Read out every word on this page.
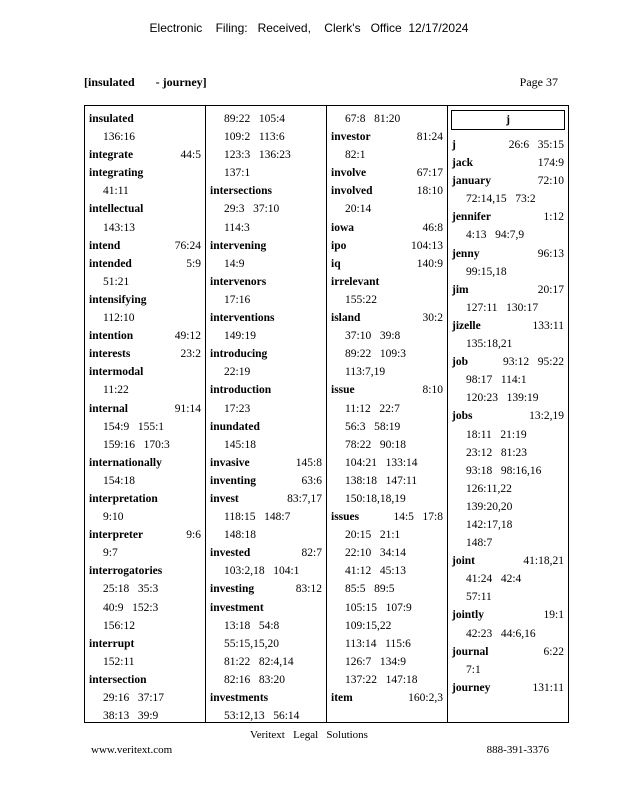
Electronic    Filing:   Received,    Clerk's   Office  12/17/2024
[insulated       - journey]	Page 37
insulated
136:16
integrate	44:5
integrating
41:11
intellectual
143:13
intend	76:24
intended	5:9
51:21
intensifying
112:10
intention	49:12
interests	23:2
intermodal
11:22
internal	91:14
154:9   155:1
159:16   170:3
internationally
154:18
interpretation
9:10
interpreter	9:6
9:7
interrogatories
25:18   35:3
40:9   152:3
156:12
interrupt
152:11
intersection
29:16   37:17
38:13   39:9
89:22   105:4
109:2   113:6
123:3   136:23
137:1
intersections
29:3   37:10
114:3
intervening
14:9
intervenors
17:16
interventions
149:19
introducing
22:19
introduction
17:23
inundated
145:18
invasive	145:8
inventing	63:6
invest	83:7,17
118:15   148:7
148:18
invested	82:7
103:2,18   104:1
investing	83:12
investment
13:18   54:8
55:15,15,20
81:22   82:4,14
82:16   83:20
investments
53:12,13   56:14
67:8   81:20
investor	81:24
82:1
involve	67:17
involved	18:10
20:14
iowa	46:8
ipo	104:13
iq	140:9
irrelevant
155:22
island	30:2
37:10   39:8
89:22   109:3
113:7,19
issue	8:10
11:12   22:7
56:3   58:19
78:22   90:18
104:21   133:14
138:18   147:11
150:18,18,19
issues	14:5   17:8
20:15   21:1
22:10   34:14
41:12   45:13
85:5   89:5
105:15   107:9
109:15,22
113:14   115:6
126:7   134:9
137:22   147:18
item	160:2,3
j
j	26:6   35:15
jack	174:9
january	72:10
72:14,15   73:2
jennifer	1:12
4:13   94:7,9
jenny	96:13
99:15,18
jim	20:17
127:11   130:17
jizelle	133:11
135:18,21
job	93:12   95:22
98:17   114:1
120:23   139:19
jobs	13:2,19
18:11   21:19
23:12   81:23
93:18   98:16,16
126:11,22
139:20,20
142:17,18
148:7
joint	41:18,21
41:24   42:4
57:11
jointly	19:1
42:23   44:6,16
journal	6:22
7:1
journey	131:11
Veritext   Legal   Solutions
www.veritext.com	888-391-3376
